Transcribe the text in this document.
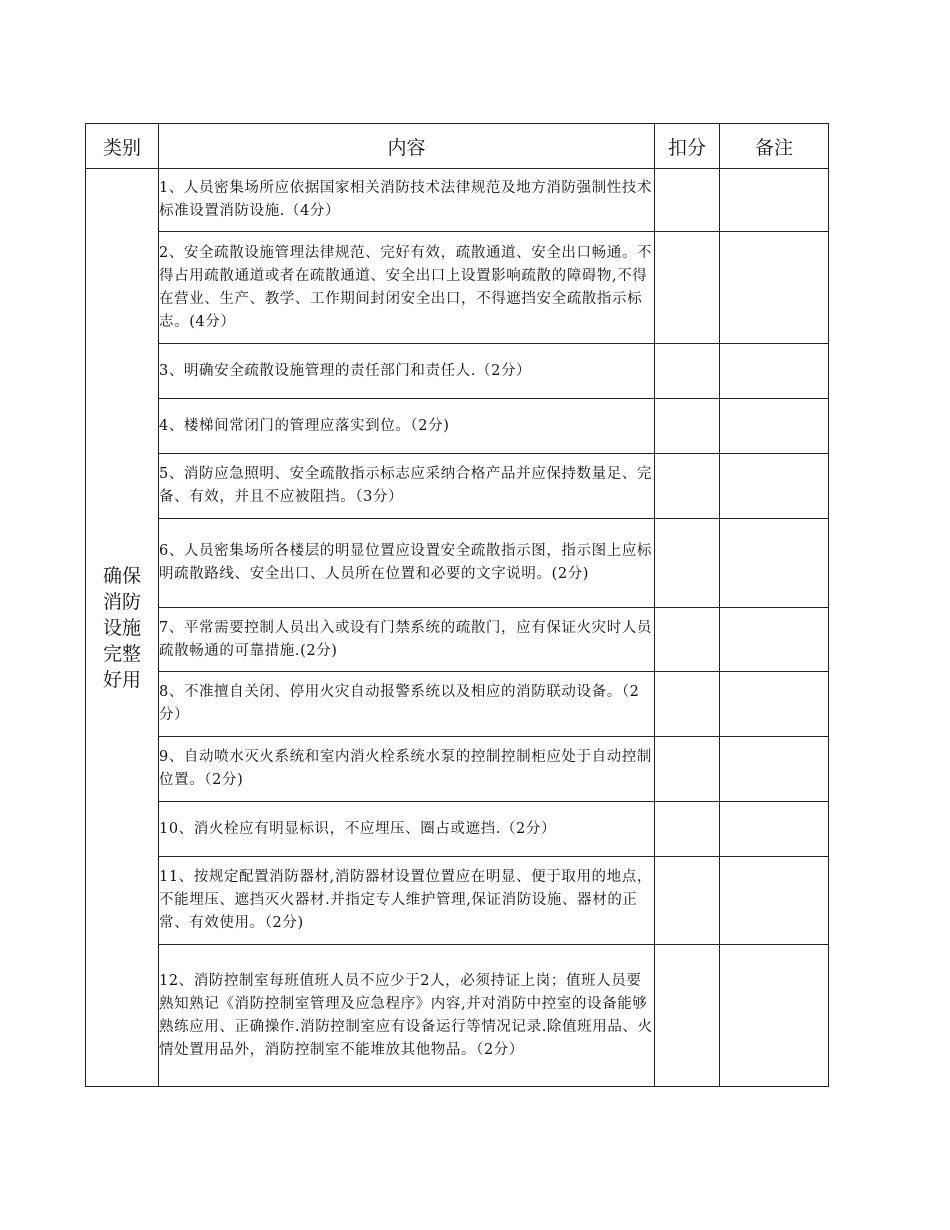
类别	内容	扣分	备注
确保消防设施完整好用	1、人员密集场所应依据国家相关消防技术法律规范及地方消防强制性技术标准设置消防设施.（4分）		
	2、安全疏散设施管理法律规范、完好有效，疏散通道、安全出口畅通。不得占用疏散通道或者在疏散通道、安全出口上设置影响疏散的障碍物,不得在营业、生产、教学、工作期间封闭安全出口，不得遮挡安全疏散指示标志。(4分）		
	3、明确安全疏散设施管理的责任部门和责任人.（2分）		
	4、楼梯间常闭门的管理应落实到位。（2分)		
	5、消防应急照明、安全疏散指示标志应采纳合格产品并应保持数量足、完备、有效，并且不应被阻挡。（3分）		
	6、人员密集场所各楼层的明显位置应设置安全疏散指示图，指示图上应标明疏散路线、安全出口、人员所在位置和必要的文字说明。(2分)		
	7、平常需要控制人员出入或设有门禁系统的疏散门，应有保证火灾时人员疏散畅通的可靠措施.(2分)		
	8、不准擅自关闭、停用火灾自动报警系统以及相应的消防联动设备。（2分）		
	9、自动喷水灭火系统和室内消火栓系统水泵的控制控制柜应处于自动控制位置。（2分)		
	10、消火栓应有明显标识，不应埋压、圈占或遮挡.（2分）		
	11、按规定配置消防器材,消防器材设置位置应在明显、便于取用的地点，不能埋压、遮挡灭火器材.并指定专人维护管理,保证消防设施、器材的正常、有效使用。（2分)		
	12、消防控制室每班值班人员不应少于2人，必须持证上岗；值班人员要熟知熟记《消防控制室管理及应急程序》内容,并对消防中控室的设备能够熟练应用、正确操作.消防控制室应有设备运行等情况记录.除值班用品、火情处置用品外，消防控制室不能堆放其他物品。（2分）		
